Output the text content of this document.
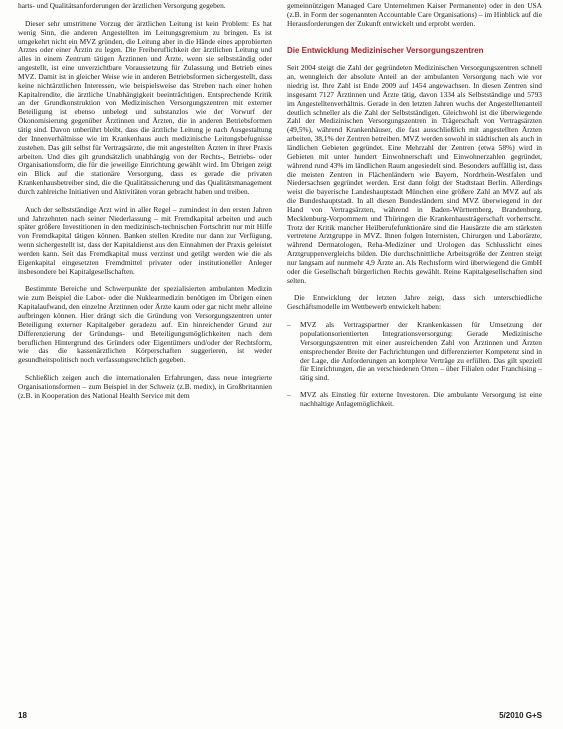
harts- und Qualitätsanforderungen der ärztlichen Versorgung gegeben.

Dieser sehr umstrittene Vorzug der ärztlichen Leitung ist kein Problem: Es hat wenig Sinn, die anderen Angestellten im Leitungsgremium zu bringen. Es ist umgekehrt nicht ein MVZ gründen, die Leitung aber in die Hände eines approbierten Arztes oder einer Ärztin zu legen. Die Freiberuflichkeit der ärztlichen Leitung und alles in einem Zentrum tätigen Ärztinnen und Ärzte, wenn sie selbstständig oder angestellt, ist eine unverzichtbare Voraussetzung für Zulassung und Betrieb eines MVZ. Damit ist in gleicher Weise wie in anderen Betriebsformen sichergestellt, dass keine nichtärztlichen Interessen, wie beispielsweise das Streben nach einer hohen Kapitalrendite, die ärztliche Unabhängigkeit beeinträchtigen. Entsprechende Kritik an der Grundkonstruktion von Medizinischen Versorgungszentren mit externer Beteiligung ist ebenso unbelegt und substanzlos wie der Vorwurf der Ökonomisierung gegenüber Ärztinnen und Ärzten, die in anderen Betriebsformen tätig sind. Davon unberührt bleibt, dass die ärztliche Leitung je nach Ausgestaltung der Innenverhältnisse wie im Krankenhaus auch medizinische Leitungsbefugnisse zustehen. Das gilt selbst für Vertragsärzte, die mit angestellten Ärzten in ihrer Praxis arbeiten. Und dies gilt grundsätzlich unabhängig von der Rechts-, Betriebs- oder Organisationsform, die für die jeweilige Einrichtung gewählt wird. Im Übrigen zeigt ein Blick auf die stationäre Versorgung, dass es gerade die privaten Krankenhausbetreiber sind, die die Qualitätssicherung und das Qualitätsmanagement durch zahlreiche Initiativen und Aktivitäten voran gebracht haben und treiben.

Auch der selbstständige Arzt wird in aller Regel – zumindest in den ersten Jahren und Jahrzehnten nach seiner Niederlassung – mit Fremdkapital arbeiten und auch später größere Investitionen in den medizinisch-technischen Fortschritt nur mit Hilfe von Fremdkapital tätigen können. Banken stellen Kredite nur dann zur Verfügung, wenn sichergestellt ist, dass der Kapitaldienst aus den Einnahmen der Praxis geleistet werden kann. Seit das Fremdkapital muss verzinst und getilgt werden wie die als Eigenkapital eingesetzten Fremdmittel privater oder institutioneller Anleger insbesondere bei Kapitalgesellschaften.

Bestimmte Bereiche und Schwerpunkte der spezialisierten ambulanten Medizin wie zum Beispiel die Labor- oder die Nuklearmedizin benötigen im Übrigen einen Kapitalaufwand, den einzelne Ärztinnen oder Ärzte kaum oder gar nicht mehr alleine aufbringen können. Hier drängt sich die Gründung von Versorgungszentren unter Beteiligung externer Kapitalgeber geradezu auf. Ein hinreichender Grund zur Differenzierung der Gründungs- und Beteiligungsmöglichkeiten nach dem beruflichen Hintergrund des Gründers oder Eigentümers und/oder der Rechtsform, wie das die kassenärztlichen Körperschaften suggerieren, ist weder gesundheitspolitisch noch verfassungsrechtlich gegeben.

Schließlich zeigen auch die internationalen Erfahrungen, dass neue integrierte Organisationsformen – zum Beispiel in der Schweiz (z.B. medix), in Großbritannien (z.B. in Kooperation des National Health Service mit dem

gemeinnützigen Managed Care Unternehmen Kaiser Permanente) oder in den USA (z.B. in Form der sogenannten Accountable Care Organisations) – im Hinblick auf die Herausforderungen der Zukunft entwickelt und erprobt werden.

Die Entwicklung Medizinischer Versorgungszentren

Seit 2004 steigt die Zahl der gegründeten Medizinischen Versorgungszentren schnell an, wenngleich der absolute Anteil an der ambulanten Versorgung nach wie vor niedrig ist. Ihre Zahl ist Ende 2009 auf 1454 angewachsen. In diesen Zentren sind insgesamt 7127 Ärztinnen und Ärzte tätig, davon 1334 als Selbstständige und 5793 im Angestelltenverhältnis. Gerade in den letzten Jahren wuchs der Angestelltenanteil deutlich schneller als die Zahl der Selbstständigen. Gleichwohl ist die überwiegende Zahl der Medizinischen Versorgungszentren in Trägerschaft von Vertragsärzten (49,5%), während Krankenhäuser, die fast ausschließlich mit angestellten Ärzten arbeiten, 38,1% der Zentren betreiben. MVZ werden sowohl in städtischen als auch in ländlichen Gebieten gegründet. Eine Mehrzahl der Zentren (etwa 58%) wird in Gebieten mit unter hundert Einwohnerschaft und Einwohnerzahlen gegründet, während rund 43% im ländlichen Raum angesiedelt sind. Besonders auffällig ist, dass die meisten Zentren in Flächenländern wie Bayern, Nordrhein-Westfalen und Niedersachsen gegründet werden. Erst dann folgt der Stadtstaat Berlin. Allerdings weist die bayerische Landeshauptstadt München eine größere Zahl an MVZ auf als die Bundeshauptstadt. In all diesen Bundesländern sind MVZ überwiegend in der Hand von Vertragsärzten, während in Baden-Württemberg, Brandenburg, Mecklenburg-Vorpommern und Thüringen die Krankenhausträgerschaft vorherrscht. Trotz der Kritik mancher Heilberufefunktionäre sind die Hausärzte die am stärksten vertretene Arztgruppe in MVZ. Ihnen folgen Internisten, Chirurgen und Laborärzte, während Dermatologen, Reha-Mediziner und Urologen das Schlusslicht eines Arztgruppenvergleichs bilden. Die durchschnittliche Arbeitsgröße der Zentren steigt nur langsam auf nunmehr 4,9 Ärzte an. Als Rechtsform wird überwiegend die GmbH oder die Gesellschaft bürgerlichen Rechts gewählt. Reine Kapitalgesellschaften sind selten.

Die Entwicklung der letzten Jahre zeigt, dass sich unterschiedliche Geschäftsmodelle im Wettbewerb entwickelt haben:

– MVZ als Vertragspartner der Krankenkassen für Umsetzung der populationsorientierten Integrationsversorgung: Gerade Medizinische Versorgungszentren mit einer ausreichenden Zahl von Ärztinnen und Ärzten entsprechender Breite der Fachrichtungen und differenzierter Kompetenz sind in der Lage, die Anforderungen an komplexe Verträge zu erfüllen. Das gilt speziell für Einrichtungen, die an verschiedenen Orten – über Filialen oder Franchising – tätig sind.
– MVZ als Einstieg für externe Investoren. Die ambulante Versorgung ist eine nachhaltige Anlagemöglichkeit.
18	5/2010 G+S
